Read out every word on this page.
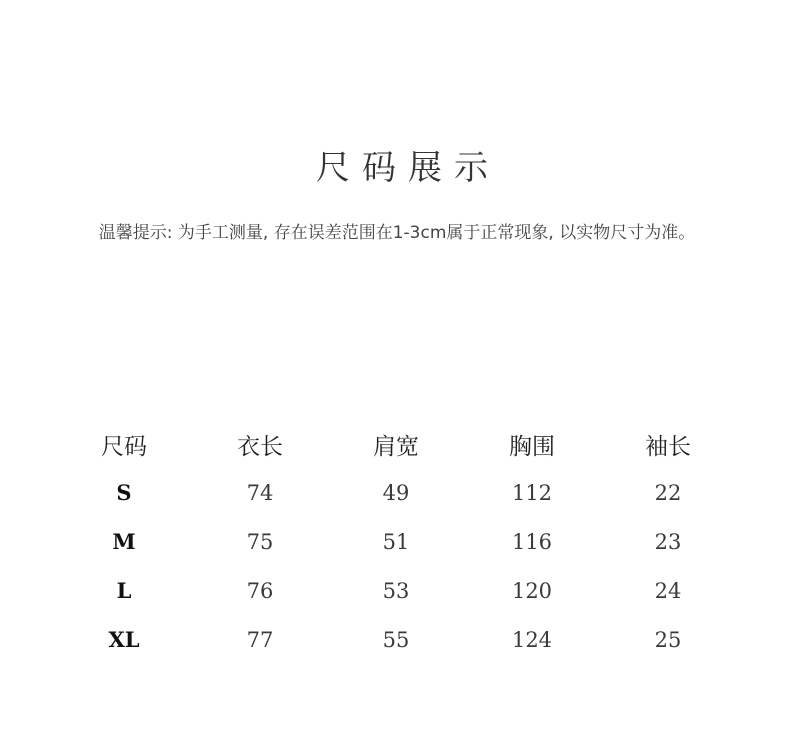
尺码展示
温馨提示: 为手工测量, 存在误差范围在1-3cm属于正常现象, 以实物尺寸为准。
尺码	衣长	肩宽	胸围	袖长
S	74	49	112	22
M	75	51	116	23
L	76	53	120	24
XL	77	55	124	25
